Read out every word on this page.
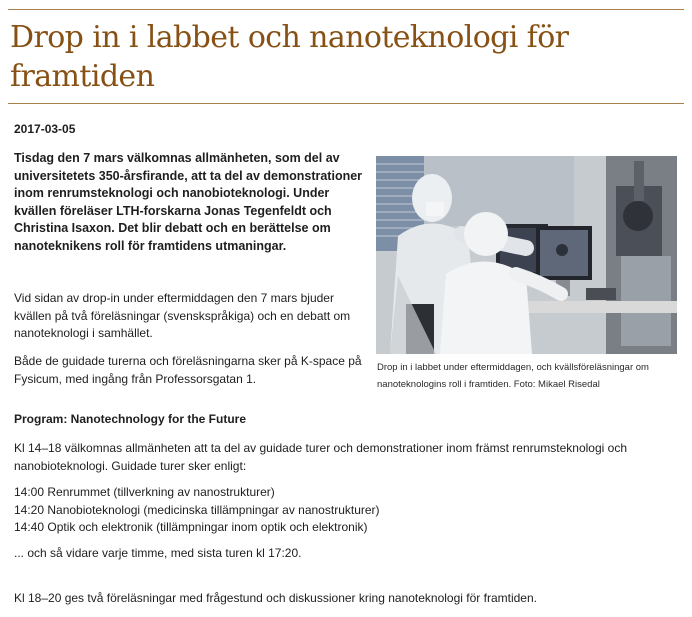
Drop in i labbet och nanoteknologi för framtiden

2017-03-05

Tisdag den 7 mars välkomnas allmänheten, som del av universitetets 350-årsfirande, att ta del av demonstrationer inom renrumsteknologi och nanobioteknologi. Under kvällen föreläser LTH-forskarna Jonas Tegenfeldt och Christina Isaxon. Det blir debatt och en berättelse om nanoteknikens roll för framtidens utmaningar.

Vid sidan av drop-in under eftermiddagen den 7 mars bjuder kvällen på två föreläsningar (svenskspråkiga) och en debatt om nanoteknologi i samhället.

Både de guidade turerna och föreläsningarna sker på K-space på Fysicum, med ingång från Professorsgatan 1.

Drop in i labbet under eftermiddagen, och kvällsföreläsningar om nanoteknologins roll i framtiden. Foto: Mikael Risedal

Program: Nanotechnology for the Future

Kl 14–18 välkomnas allmänheten att ta del av guidade turer och demonstrationer inom främst renrumsteknologi och nanobioteknologi. Guidade turer sker enligt:

14:00 Renrummet (tillverkning av nanostrukturer)
14:20 Nanobioteknologi (medicinska tillämpningar av nanostrukturer)
14:40 Optik och elektronik (tillämpningar inom optik och elektronik)

... och så vidare varje timme, med sista turen kl 17:20.

Kl 18–20 ges två föreläsningar med frågestund och diskussioner kring nanoteknologi för framtiden.
